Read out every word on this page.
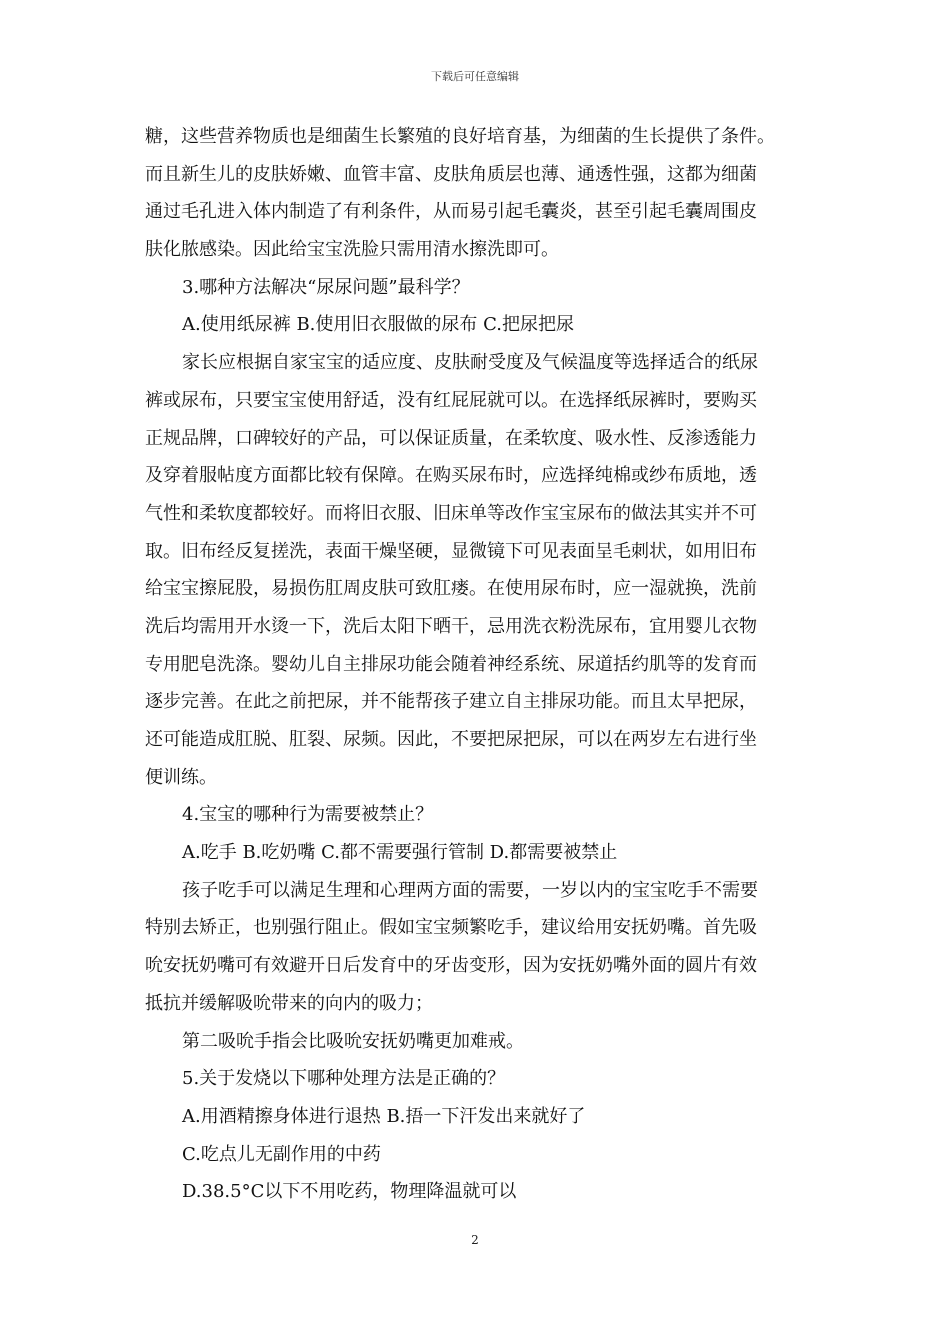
下载后可任意编辑
糖，这些营养物质也是细菌生长繁殖的良好培育基，为细菌的生长提供了条件。
而且新生儿的皮肤娇嫩、血管丰富、皮肤角质层也薄、通透性强，这都为细菌
通过毛孔进入体内制造了有利条件，从而易引起毛囊炎，甚至引起毛囊周围皮
肤化脓感染。因此给宝宝洗脸只需用清水擦洗即可。
3.哪种方法解决“尿尿问题”最科学？
A.使用纸尿裤 B.使用旧衣服做的尿布 C.把尿把尿
家长应根据自家宝宝的适应度、皮肤耐受度及气候温度等选择适合的纸尿
裤或尿布，只要宝宝使用舒适，没有红屁屁就可以。在选择纸尿裤时，要购买
正规品牌，口碑较好的产品，可以保证质量，在柔软度、吸水性、反渗透能力
及穿着服帖度方面都比较有保障。在购买尿布时，应选择纯棉或纱布质地，透
气性和柔软度都较好。而将旧衣服、旧床单等改作宝宝尿布的做法其实并不可
取。旧布经反复搓洗，表面干燥坚硬，显微镜下可见表面呈毛刺状，如用旧布
给宝宝擦屁股，易损伤肛周皮肤可致肛瘘。在使用尿布时，应一湿就换，洗前
洗后均需用开水烫一下，洗后太阳下晒干，忌用洗衣粉洗尿布，宜用婴儿衣物
专用肥皂洗涤。婴幼儿自主排尿功能会随着神经系统、尿道括约肌等的发育而
逐步完善。在此之前把尿，并不能帮孩子建立自主排尿功能。而且太早把尿，
还可能造成肛脱、肛裂、尿频。因此，不要把尿把尿，可以在两岁左右进行坐
便训练。
4.宝宝的哪种行为需要被禁止？
A.吃手 B.吃奶嘴 C.都不需要强行管制 D.都需要被禁止
孩子吃手可以满足生理和心理两方面的需要，一岁以内的宝宝吃手不需要
特别去矫正，也别强行阻止。假如宝宝频繁吃手，建议给用安抚奶嘴。首先吸
吮安抚奶嘴可有效避开日后发育中的牙齿变形，因为安抚奶嘴外面的圆片有效
抵抗并缓解吸吮带来的向内的吸力；
第二吸吮手指会比吸吮安抚奶嘴更加难戒。
5.关于发烧以下哪种处理方法是正确的？
A.用酒精擦身体进行退热 B.捂一下汗发出来就好了
C.吃点儿无副作用的中药
D.38.5°C以下不用吃药，物理降温就可以
2
